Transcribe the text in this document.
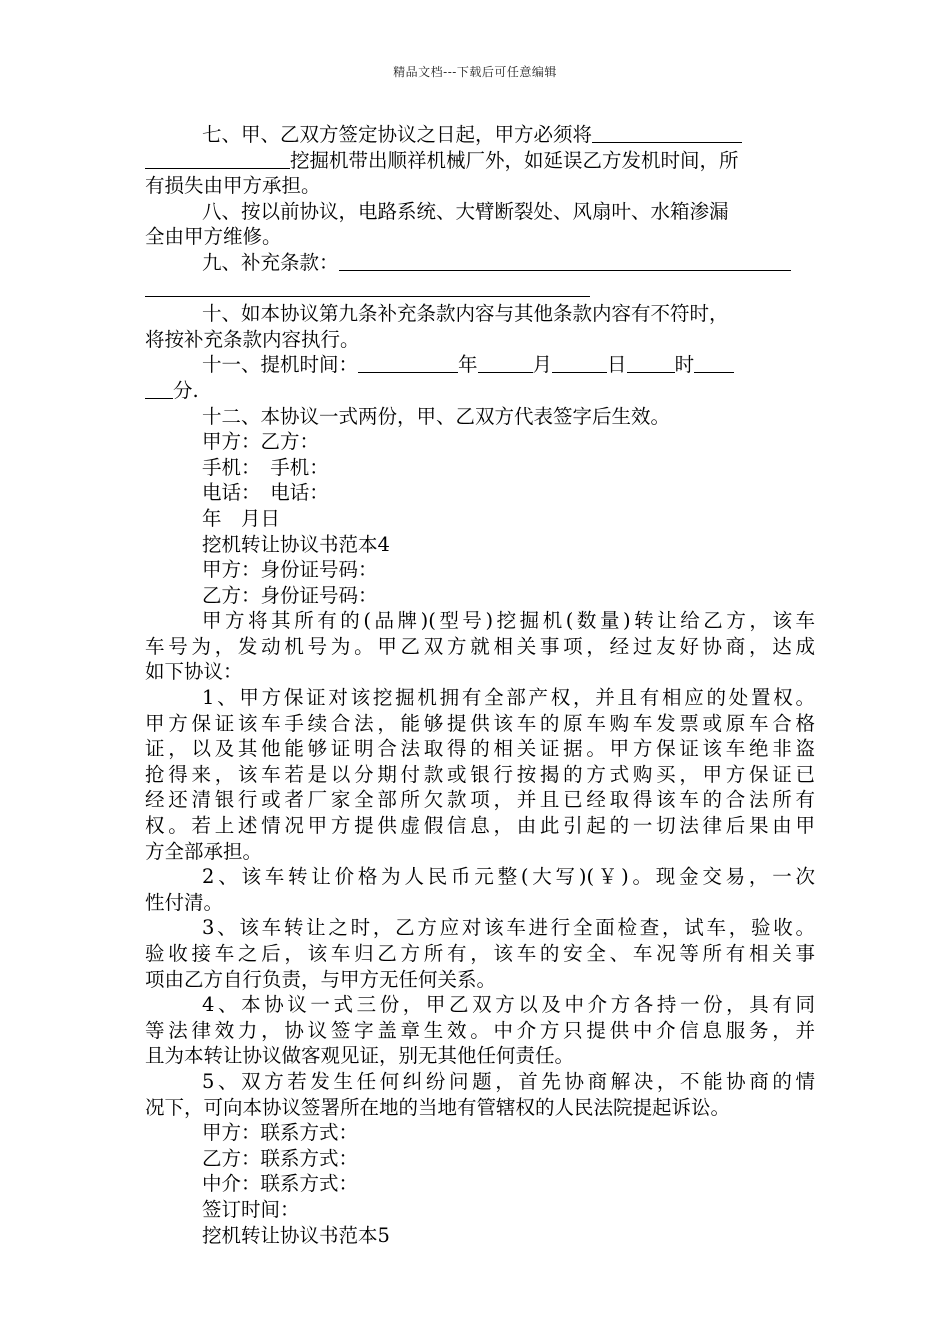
精品文档---下载后可任意编辑
七、甲、乙双方签定协议之日起，甲方必须将
挖掘机带出顺祥机械厂外，如延误乙方发机时间，所
有损失由甲方承担。
八、按以前协议，电路系统、大臂断裂处、风扇叶、水箱渗漏
全由甲方维修。
九、补充条款：
十、如本协议第九条补充条款内容与其他条款内容有不符时，
将按补充条款内容执行。
十一、提机时间：	年	月	日 时
分.
十二、本协议一式两份，甲、乙双方代表签字后生效。
甲方：乙方：
手机：　手机：
电话：　电话：
年　月日
挖机转让协议书范本4
甲方：身份证号码：
乙方：身份证号码：
甲方将其所有的(品牌)(型号)挖掘机(数量)转让给乙方，该车
车号为，发动机号为。甲乙双方就相关事项，经过友好协商，达成
如下协议：
1、甲方保证对该挖掘机拥有全部产权，并且有相应的处置权。
甲方保证该车手续合法，能够提供该车的原车购车发票或原车合格
证，以及其他能够证明合法取得的相关证据。甲方保证该车绝非盗
抢得来，该车若是以分期付款或银行按揭的方式购买，甲方保证已
经还清银行或者厂家全部所欠款项，并且已经取得该车的合法所有
权。若上述情况甲方提供虚假信息，由此引起的一切法律后果由甲
方全部承担。
2、该车转让价格为人民币元整(大写)(￥)。现金交易，一次
性付清。
3、该车转让之时，乙方应对该车进行全面检查，试车，验收。
验收接车之后，该车归乙方所有，该车的安全、车况等所有相关事
项由乙方自行负责，与甲方无任何关系。
4、本协议一式三份，甲乙双方以及中介方各持一份，具有同
等法律效力，协议签字盖章生效。中介方只提供中介信息服务，并
且为本转让协议做客观见证，别无其他任何责任。
5、双方若发生任何纠纷问题，首先协商解决，不能协商的情
况下，可向本协议签署所在地的当地有管辖权的人民法院提起诉讼。
甲方：联系方式：
乙方：联系方式：
中介：联系方式：
签订时间：
挖机转让协议书范本5
